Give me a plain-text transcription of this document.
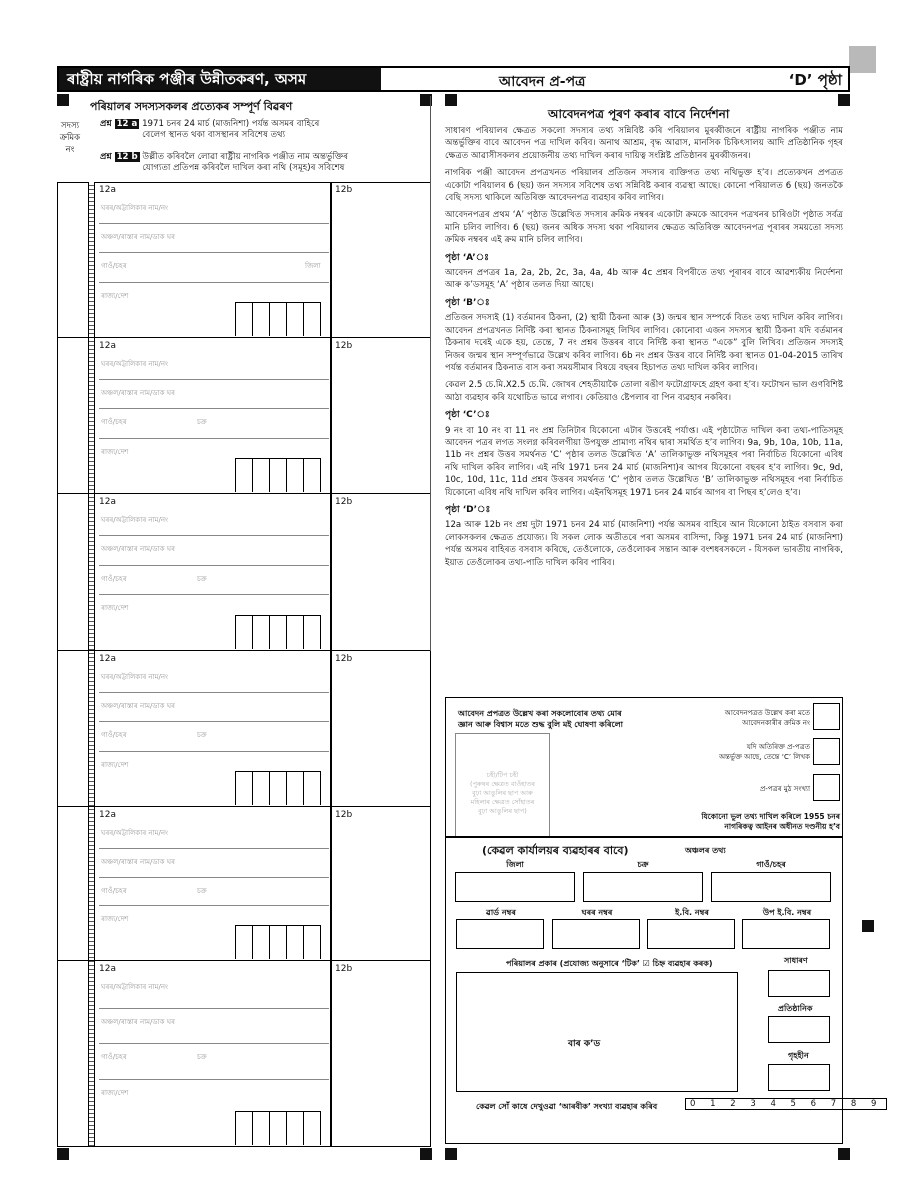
ৰাষ্ট্ৰীয় নাগৰিক পঞ্জীৰ উন্নীতকৰণ, অসম	আবেদন প্ৰ-পত্ৰ	‘D’ পৃষ্ঠা
পৰিয়ালৰ সদস্যসকলৰ প্ৰত্যেকৰ সম্পূৰ্ণ বিৱৰণ
সদস্য
ক্ৰমিক
নং
প্ৰশ্ন 12 a 1971 চনৰ 24 মাৰ্চ (মাজনিশা) পৰ্যন্ত অসমৰ বাহিৰে
বেলেগ স্থানত থকা বাসস্থানৰ সবিশেষ তথ্য
প্ৰশ্ন 12 b উল্লীত কৰিবলৈ লোৱা ৰাষ্ট্ৰীয় নাগৰিক পঞ্জীত নাম অন্তৰ্ভুক্তিৰ
যোগ্যতা প্ৰতিপন্ন কৰিবলৈ দাখিল কৰা নথি (সমূহ)ৰ সবিশেষ
12a	12b
ঘৰৰ/অট্টালিকাৰ নাম/নং
অঞ্চল/ৰাস্তাৰ নাম/ডাক ঘৰ
গাওঁ/চহৰ
ৰাজ্য/দেশ
জিলা
12a	12b
ঘৰৰ/অট্টালিকাৰ নাম/নং
অঞ্চল/ৰাস্তাৰ নাম/ডাক ঘৰ
গাওঁ/চহৰ
ৰাজ্য/দেশ
চক্ৰ
12a	12b
ঘৰৰ/অট্টালিকাৰ নাম/নং
অঞ্চল/ৰাস্তাৰ নাম/ডাক ঘৰ
গাওঁ/চহৰ
ৰাজ্য/দেশ
চক্ৰ
12a	12b
ঘৰৰ/অট্টালিকাৰ নাম/নং
অঞ্চল/ৰাস্তাৰ নাম/ডাক ঘৰ
গাওঁ/চহৰ
ৰাজ্য/দেশ
চক্ৰ
12a	12b
ঘৰৰ/অট্টালিকাৰ নাম/নং
অঞ্চল/ৰাস্তাৰ নাম/ডাক ঘৰ
গাওঁ/চহৰ
ৰাজ্য/দেশ
চক্ৰ
12a	12b
ঘৰৰ/অট্টালিকাৰ নাম/নং
অঞ্চল/ৰাস্তাৰ নাম/ডাক ঘৰ
গাওঁ/চহৰ
ৰাজ্য/দেশ
চক্ৰ
আবেদনপত্ৰ পূৰণ কৰাৰ বাবে নিৰ্দেশনা

সাধাৰণ পৰিয়ালৰ ক্ষেত্ৰত সকলো সদস্যৰ তথ্য সন্নিবিষ্ট কৰি পৰিয়ালৰ মুৰব্বীজনে ৰাষ্ট্ৰীয় নাগৰিক পঞ্জীত নাম অন্তৰ্ভুক্তিৰ বাবে আবেদন পত্ৰ দাখিল কৰিব। অনাথ আশ্ৰম, বৃদ্ধ আৱাস, মানসিক চিকিৎসালয় আদি প্ৰতিষ্ঠানিক গৃহৰ ক্ষেত্ৰত আৱাসীসকলৰ প্ৰয়োজনীয় তথ্য দাখিল কৰাৰ দায়িত্ব সংশ্লিষ্ট প্ৰতিষ্ঠানৰ মুৰব্বীজনৰ।

নাগৰিক পঞ্জী আবেদন প্ৰপত্ৰখনত পৰিয়ালৰ প্ৰতিজন সদস্যৰ ব্যক্তিগত তথ্য নথিভুক্ত হ’ব। প্ৰত্যেকখন প্ৰপত্ৰত একোটা পৰিয়ালৰ 6 (ছয়) জন সদস্যৰ সবিশেষ তথ্য সন্নিবিষ্ট কৰাৰ ব্যৱস্থা আছে। কোনো পৰিয়ালত 6 (ছয়) জনতকৈ বেছি সদস্য থাকিলে অতিৰিক্ত আবেদনপত্ৰ ব্যৱহাৰ কৰিব লাগিব।

আবেদনপত্ৰৰ প্ৰথম ‘A’ পৃষ্ঠাত উল্লেখিত সদস্যৰ ক্ৰমিক নম্বৰৰ একোটা ক্ৰমকে আবেদন পত্ৰখনৰ চাৰিওটা পৃষ্ঠাত সৰ্বত্ৰ মানি চলিব লাগিব। 6 (ছয়) জনৰ অধিক সদস্য থকা পৰিয়ালৰ ক্ষেত্ৰত অতিৰিক্ত আবেদনপত্ৰ পূৰাৰৰ সময়তো সদস্য ক্ৰমিক নম্বৰৰ এই ক্ৰম মানি চলিব লাগিব।

পৃষ্ঠা ‘A’ঃ

আবেদন প্ৰপত্ৰৰ 1a, 2a, 2b, 2c, 3a, 4a, 4b আৰু 4c প্ৰশ্নৰ বিপৰীতে তথ্য পূৰাৰৰ বাবে আৱশ্যকীয় নিৰ্দেশনা আৰু ক’ডসমূহ ‘A’ পৃষ্ঠাৰ তলত দিয়া আছে।

পৃষ্ঠা ‘B’ঃ

প্ৰতিজন সদস্যই (1) বৰ্তমানৰ ঠিকনা, (2) স্থায়ী ঠিকনা আৰু (3) জন্মৰ স্থান সম্পৰ্কে বিতং তথ্য দাখিল কৰিব লাগিব। আবেদন প্ৰপত্ৰখনত নিৰ্দিষ্ট কৰা স্থানত ঠিকনাসমূহ লিখিব লাগিব। কোনোবা এজন সদস্যৰ স্থায়ী ঠিকনা যদি বৰ্তমানৰ ঠিকনাৰ দৰেই একে হয়, তেন্তে, 7 নং প্ৰশ্নৰ উত্তৰৰ বাবে নিৰ্দিষ্ট কৰা স্থানত “একে” বুলি লিখিব। প্ৰতিজন সদস্যই নিজৰ জন্মৰ স্থান সম্পূৰ্ণভাৱে উল্লেখ কৰিব লাগিব। 6b নং প্ৰশ্নৰ উত্তৰ বাবে নিৰ্দিষ্ট কৰা স্থানত 01-04-2015 তাৰিখ পৰ্যন্ত বৰ্তমানৰ ঠিকনাত বাস কৰা সময়সীমাৰ বিষয়ে বছৰৰ হিচাপত তথ্য দাখিল কৰিব লাগিব।

কেৱল 2.5 চে.মি.X2.5 চে.মি. জোখৰ শেহতীয়াকৈ তোলা ৰঙীণ ফটোগ্ৰাফহে গ্ৰহণ কৰা হ’ব। ফটোখন ভাল গুণবিশিষ্ট আঠা ব্যৱহাৰ কৰি যথোচিত ভাৱে লগাব। কেতিয়াও ষ্টেপলাৰ বা পিন ব্যৱহাৰ নকৰিব।

পৃষ্ঠা ‘C’ঃ

9 নং বা 10 নং বা 11 নং প্ৰশ্ন তিনিটাৰ যিকোনো এটাৰ উত্তৰেই পৰ্যাপ্ত। এই পৃষ্ঠাটোত দাখিল কৰা তথ্য-পাতিসমূহ আবেদন পত্ৰৰ লগত সংলগ্ন কৰিবলগীয়া উপযুক্ত প্ৰামাণ্য নথিৰ দ্বাৰা সমৰ্থিত হ’ব লাগিব। 9a, 9b, 10a, 10b, 11a, 11b নং প্ৰশ্নৰ উত্তৰ সমৰ্থনত ‘C’ পৃষ্ঠাৰ তলত উল্লেখিত ‘A’ তালিকাভুক্ত নথিসমূহৰ পৰা নিৰ্বাচিত যিকোনো এবিধ নথি দাখিল কৰিব লাগিব। এই নথি 1971 চনৰ 24 মাৰ্চ (মাজনিশা)ৰ আগৰ যিকোনো বছৰৰ হ’ব লাগিব। 9c, 9d, 10c, 10d, 11c, 11d প্ৰশ্নৰ উত্তৰৰ সমৰ্থনত ‘C’ পৃষ্ঠাৰ তলত উল্লেখিত ‘B’ তালিকাভুক্ত নথিসমূহৰ পৰা নিৰ্বাচিত যিকোনো এবিধ নথি দাখিল কৰিব লাগিব। এইনথিসমূহ 1971 চনৰ 24 মাৰ্চৰ আগৰ বা পিছৰ হ’লেও হ’ব।

পৃষ্ঠা ‘D’ঃ

12a আৰু 12b নং প্ৰশ্ন দুটা 1971 চনৰ 24 মাৰ্চ (মাজনিশা) পৰ্যন্ত অসমৰ বাহিৰে আন যিকোনো ঠাইত বসবাস কৰা লোকসকলৰ ক্ষেত্ৰত প্ৰযোজ্য। যি সকল লোক অতীতৰে পৰা অসমৰ বাসিন্দা, কিন্তু 1971 চনৰ 24 মাৰ্চ (মাজনিশা) পৰ্যন্ত অসমৰ বাহিৰত বসবাস কৰিছে, তেওঁলোকে, তেওঁলোকৰ সন্তান আৰু বংশধৰসকলে - যিসকল ভাৰতীয় নাগৰিক, ইয়াত তেওঁলোকৰ তথ্য-পাতি দাখিল কৰিব পাৰিব।

আবেদন প্ৰপত্ৰত উল্লেখ কৰা সকলোবোৰ তথ্য মোৰ
জ্ঞান আৰু বিশ্বাস মতে শুদ্ধ বুলি মই ঘোষণা কৰিলো
চহী/টিপ চহী
(পুৰুষৰ ক্ষেত্ৰত বাওঁহাতৰ
বুঢ়া আঙুলিৰ ছাপ আৰু
মহিলাৰ ক্ষেত্ৰত সোঁহাতৰ
বুঢ়া আঙুলিৰ ছাপ)
আবেদনপত্ৰত উল্লেখ কৰা মতে
আবেদনকাৰীৰ ক্ৰমিক নং
যদি অতিৰিক্ত প্ৰ-পত্ৰত
অন্তৰ্ভুক্ত আছে, তেন্তে ‘C’ লিখক
প্ৰ-পত্ৰৰ মুঠ সংখ্যা
যিকোনো ভুল তথ্য দাখিল কৰিলে 1955 চনৰ
নাগৰিকত্ব আইনৰ অধীনত দণ্ডনীয় হ’ব
(কেৱল কাৰ্যালয়ৰ ব্যৱহাৰৰ বাবে)	অঞ্চলৰ তথ্য
জিলা	চক্ৰ	গাওঁ/চহৰ
ৱাৰ্ড নম্বৰ	ঘৰৰ নম্বৰ	ই.বি. নম্বৰ	উপ ই.বি. নম্বৰ
পৰিয়ালৰ প্ৰকাৰ (প্ৰযোজ্য অনুসাৰে ‘টিক’ ☑ চিহ্ন ব্যৱহাৰ কৰক)	সাধাৰণ
প্ৰতিষ্ঠানিক
গৃহহীন
বাৰ ক’ড
কেৱল সোঁ কাষে দেখুওৱা ‘আৰবীক’ সংখ্যা ব্যৱহাৰ কৰিব	0 1 2 3 4 5 6 7 8 9
